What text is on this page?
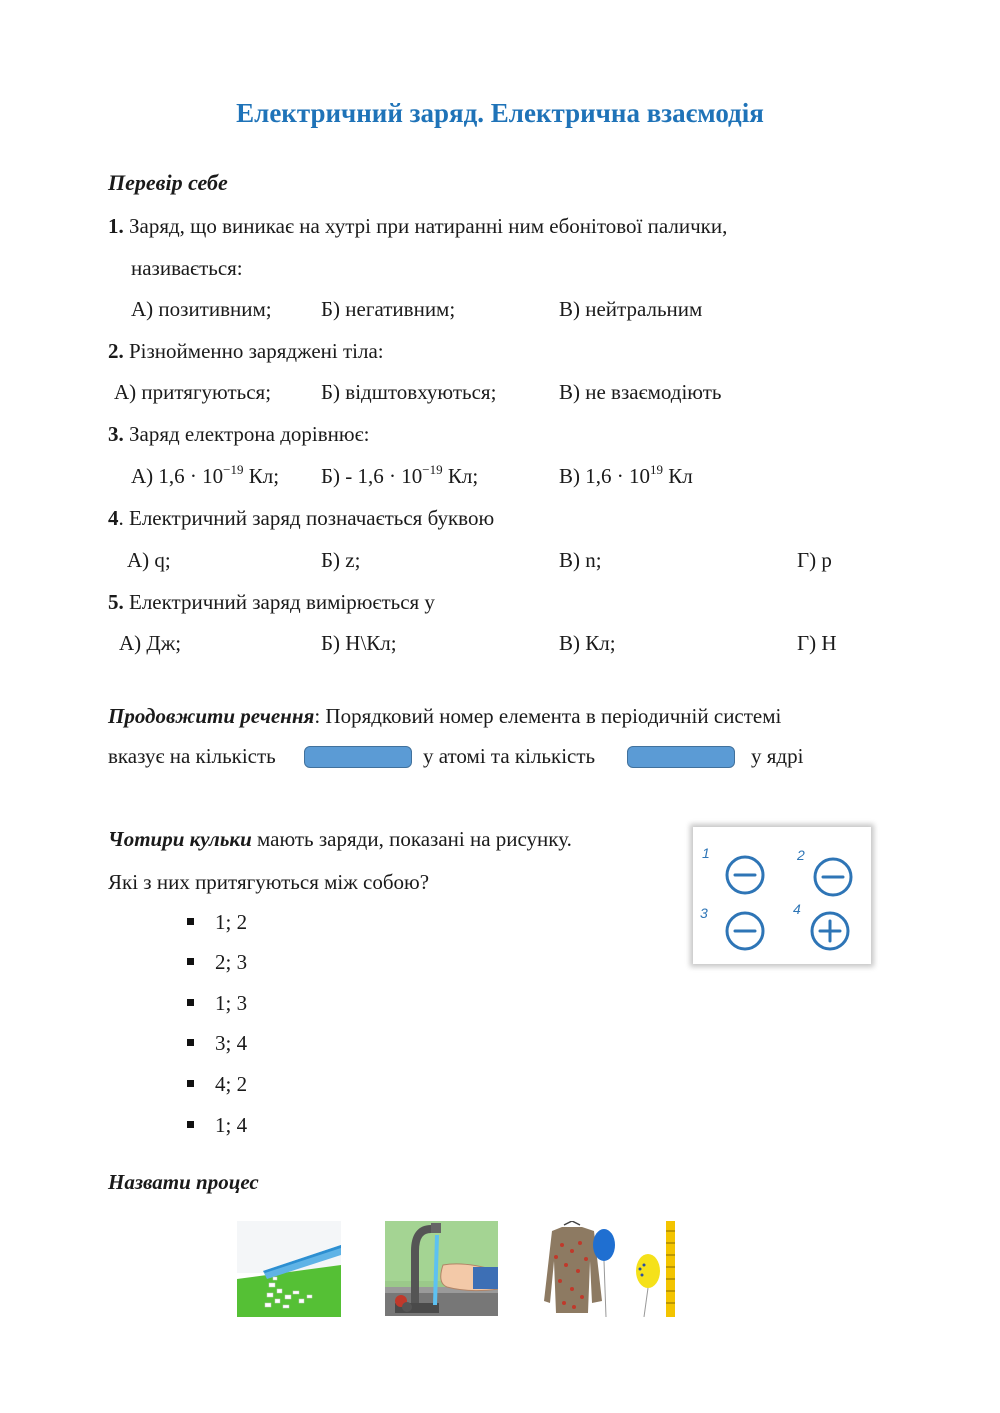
Електричний заряд. Електрична взаємодія
Перевір себе
1. Заряд, що виникає на хутрі при натиранні ним ебонітової палички,
називається:
А) позитивним; Б) негативним;	В) нейтральним
2. Різнойменно заряджені тіла:
А) притягуються; Б) відштовхуються;	В) не взаємодіють
3. Заряд електрона дорівнює:
А) $1,6 \cdot 10^{-19}$ Кл; $Б) - 1,6 \cdot 10^{-19}$ Кл;	В) $1,6 \cdot 10^{19}$ Кл
4. Електричний заряд позначається буквою
А) q;	Б) z;	В) n;	Г) p
5. Електричний заряд вимірюється у
А) Дж;	Б) Н\Кл;	В) Кл;	Г) Н
Продовжити речення: Порядковий номер елемента в періодичній системі
вказує на кількість	у атомі та кількість	у ядрі
Чотири кульки мають заряди, показані на рисунку.
Які з них притягуються між собою?
1; 2
2; 3
1; 3
3; 4
4; 2
1; 4
1	2
3	4
Назвати процес
